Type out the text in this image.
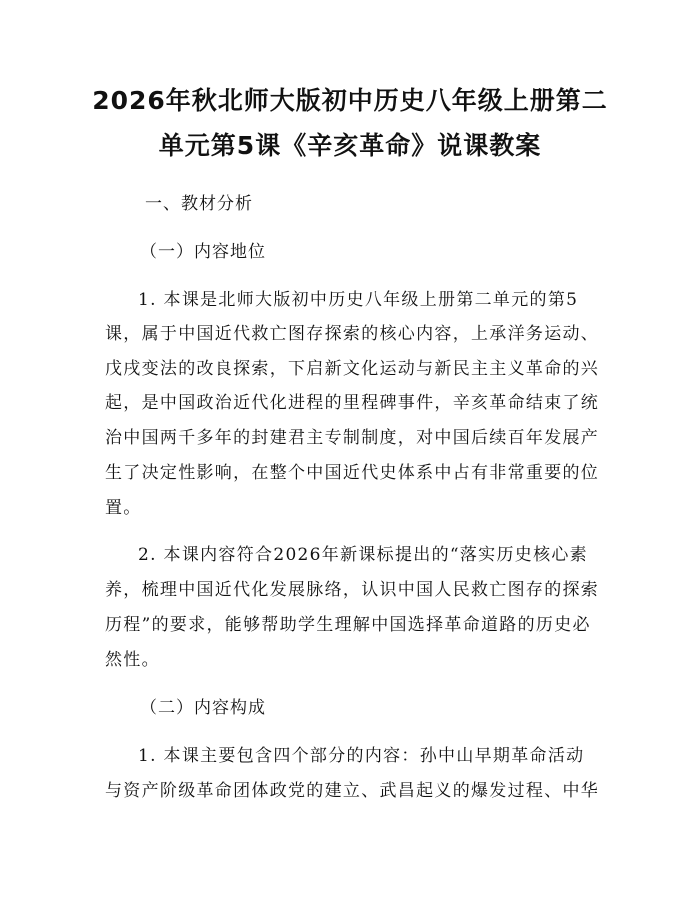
2026年秋北师大版初中历史八年级上册第二
单元第5课《辛亥革命》说课教案
一、教材分析
（一）内容地位
1. 本课是北师大版初中历史八年级上册第二单元的第5
课，属于中国近代救亡图存探索的核心内容，上承洋务运动、
戊戌变法的改良探索，下启新文化运动与新民主主义革命的兴
起，是中国政治近代化进程的里程碑事件，辛亥革命结束了统
治中国两千多年的封建君主专制制度，对中国后续百年发展产
生了决定性影响，在整个中国近代史体系中占有非常重要的位
置。
2. 本课内容符合2026年新课标提出的“落实历史核心素
养，梳理中国近代化发展脉络，认识中国人民救亡图存的探索
历程”的要求，能够帮助学生理解中国选择革命道路的历史必
然性。
（二）内容构成
1. 本课主要包含四个部分的内容：孙中山早期革命活动
与资产阶级革命团体政党的建立、武昌起义的爆发过程、中华
